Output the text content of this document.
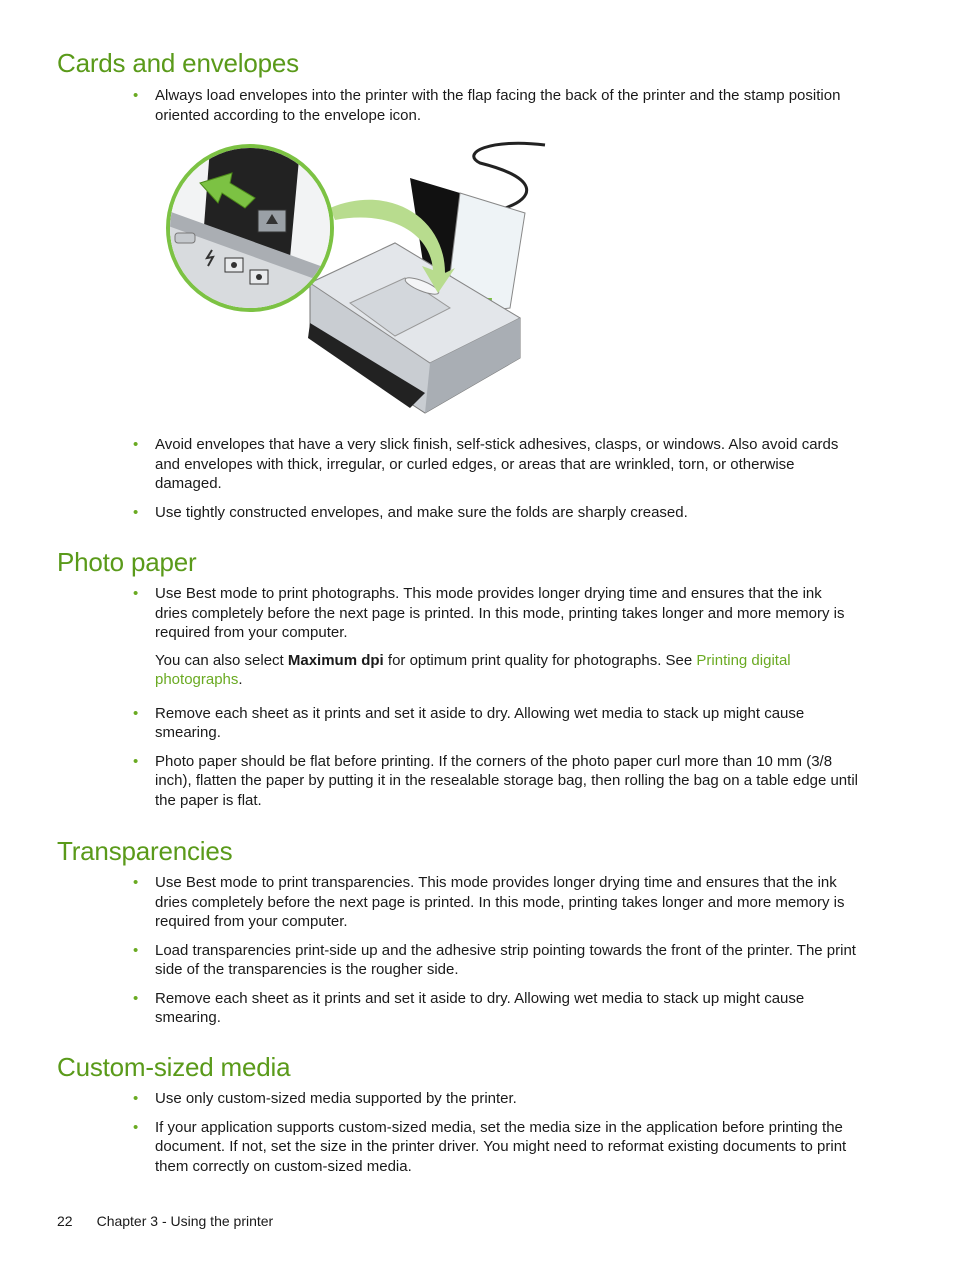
Cards and envelopes
• Always load envelopes into the printer with the flap facing the back of the printer and the stamp position oriented according to the envelope icon.
• Avoid envelopes that have a very slick finish, self-stick adhesives, clasps, or windows. Also avoid cards and envelopes with thick, irregular, or curled edges, or areas that are wrinkled, torn, or otherwise damaged.
• Use tightly constructed envelopes, and make sure the folds are sharply creased.
Photo paper
• Use Best mode to print photographs. This mode provides longer drying time and ensures that the ink dries completely before the next page is printed. In this mode, printing takes longer and more memory is required from your computer.
You can also select Maximum dpi for optimum print quality for photographs. See Printing digital photographs.
• Remove each sheet as it prints and set it aside to dry. Allowing wet media to stack up might cause smearing.
• Photo paper should be flat before printing. If the corners of the photo paper curl more than 10 mm (3/8 inch), flatten the paper by putting it in the resealable storage bag, then rolling the bag on a table edge until the paper is flat.
Transparencies
• Use Best mode to print transparencies. This mode provides longer drying time and ensures that the ink dries completely before the next page is printed. In this mode, printing takes longer and more memory is required from your computer.
• Load transparencies print-side up and the adhesive strip pointing towards the front of the printer. The print side of the transparencies is the rougher side.
• Remove each sheet as it prints and set it aside to dry. Allowing wet media to stack up might cause smearing.
Custom-sized media
• Use only custom-sized media supported by the printer.
• If your application supports custom-sized media, set the media size in the application before printing the document. If not, set the size in the printer driver. You might need to reformat existing documents to print them correctly on custom-sized media.
22 Chapter 3 - Using the printer
